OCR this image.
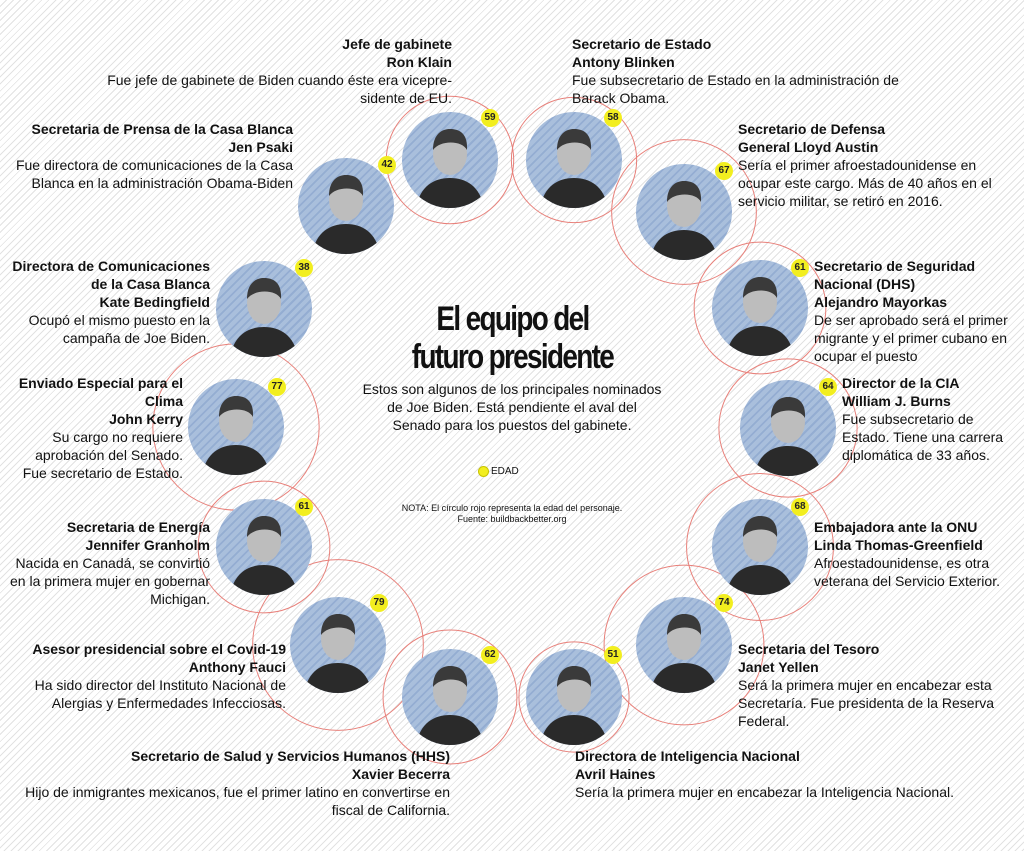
El equipo del
futuro presidente
Estos son algunos de los principales nominados de Joe Biden. Está pendiente el aval del Senado para los puestos del gabinete.
EDAD
NOTA: El círculo rojo representa la edad del personaje.
Fuente: buildbackbetter.org
59
Jefe de gabinete
Ron Klain
Fue jefe de gabinete de Biden cuando éste era vicepre- sidente de EU.
58
Secretario de Estado
Antony Blinken
Fue subsecretario de Estado en la administración de Barack Obama.
42
Secretaria de Prensa de la Casa Blanca
Jen Psaki
Fue directora de comunicaciones de la Casa Blanca en la administración Obama-Biden
67
Secretario de Defensa
General Lloyd Austin
Sería el primer afroestadounidense en ocupar este cargo. Más de 40 años en el servicio militar, se retiró en 2016.
38
Directora de Comunicaciones de la Casa Blanca
Kate Bedingfield
Ocupó el mismo puesto en la campaña de Joe Biden.
61 Secretario de Seguridad Nacional (DHS)
Alejandro Mayorkas
De ser aprobado será el primer migrante y el primer cubano en ocupar el puesto
77
Enviado Especial para el Clima
John Kerry
Su cargo no requiere aprobación del Senado. Fue secretario de Estado.
64 Director de la CIA
William J. Burns
Fue subsecretario de Estado. Tiene una carrera diplomática de 33 años.
61
Secretaria de Energía
Jennifer Granholm
Nacida en Canadá, se convirtió en la primera mujer en gobernar Michigan.
68
Embajadora ante la ONU
Linda Thomas-Greenfield
Afroestadounidense, es otra veterana del Servicio Exterior.
79
Asesor presidencial sobre el Covid-19
Anthony Fauci
Ha sido director del Instituto Nacional de Alergias y Enfermedades Infecciosas.
74
Secretaria del Tesoro
Janet Yellen
Será la primera mujer en encabezar esta Secretaría. Fue presidenta de la Reserva Federal.
62
Secretario de Salud y Servicios Humanos (HHS)
Xavier Becerra
Hijo de inmigrantes mexicanos, fue el primer latino en convertirse en fiscal de California.
51
Directora de Inteligencia Nacional
Avril Haines
Sería la primera mujer en encabezar la Inteligencia Nacional.
